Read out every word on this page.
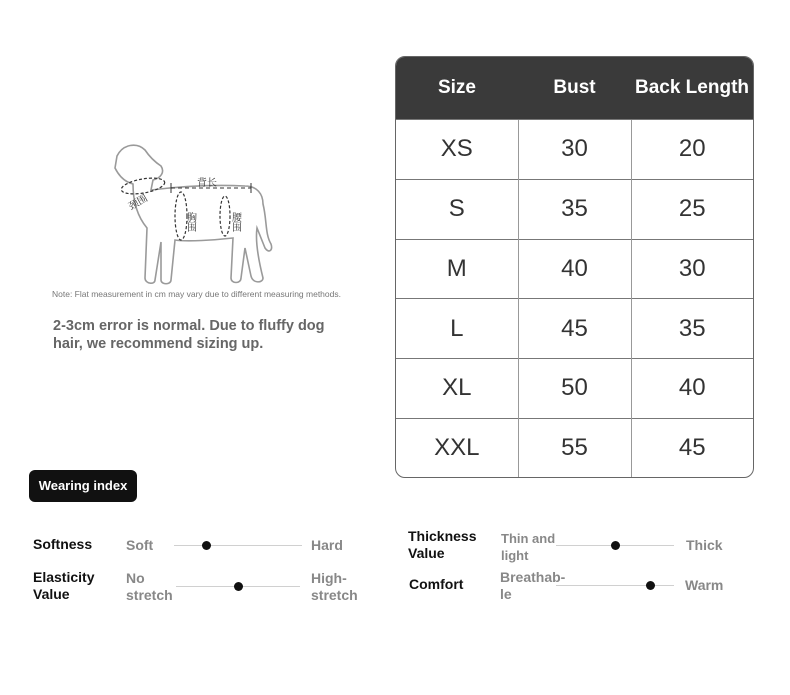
背长
颈围
胸围	腰围
Note: Flat measurement in cm may vary due to different measuring methods.
2-3cm error is normal. Due to fluffy dog hair, we recommend sizing up.
Size	Bust	Back Length
XS	30	20
S	35	25
M	40	30
L	45	35
XL	50	40
XXL	55	45
Wearing index
Softness	Soft	Hard
Elasticity Value
No stretch
High-stretch
Thickness Value
Thin and light
Thick
Comfort	Breathab-le
Warm
